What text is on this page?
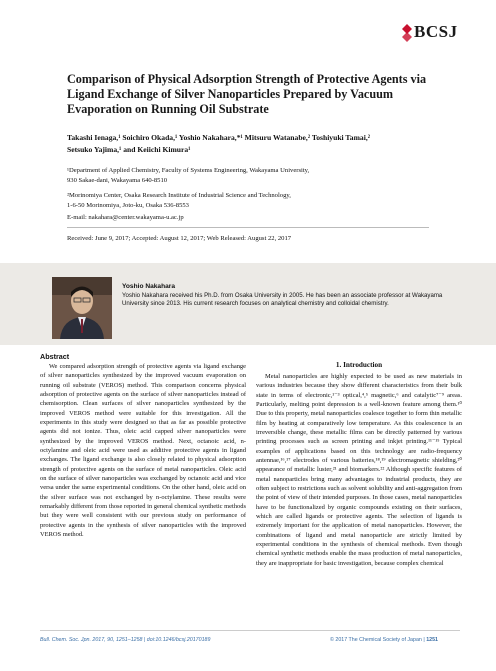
BCSJ
Comparison of Physical Adsorption Strength of Protective Agents via Ligand Exchange of Silver Nanoparticles Prepared by Vacuum Evaporation on Running Oil Substrate
Takashi Ienaga,¹ Soichiro Okada,¹ Yoshio Nakahara,*¹ Mitsuru Watanabe,² Toshiyuki Tamai,²
Setsuko Yajima,¹ and Keiichi Kimura¹
¹Department of Applied Chemistry, Faculty of Systems Engineering, Wakayama University,
930 Sakae-dani, Wakayama 640-8510
²Morinomiya Center, Osaka Research Institute of Industrial Science and Technology,
1-6-50 Morinomiya, Joto-ku, Osaka 536-8553
E-mail: nakahara@center.wakayama-u.ac.jp
Received: June 9, 2017; Accepted: August 12, 2017; Web Released: August 22, 2017
Yoshio Nakahara
Yoshio Nakahara received his Ph.D. from Osaka University in 2005. He has been an associate professor at Wakayama University since 2013. His current research focuses on analytical chemistry and colloidal chemistry.
Abstract

We compared adsorption strength of protective agents via ligand exchange of silver nanoparticles synthesized by the improved vacuum evaporation on running oil substrate (VEROS) method. This comparison concerns physical adsorption of protective agents on the surface of silver nanoparticles instead of chemisorption. Clean surfaces of silver nanoparticles synthesized by the improved VEROS method were suitable for this investigation. All the experiments in this study were designed so that as far as possible protective agents did not ionize. Thus, oleic acid capped silver nanoparticles were synthesized by the improved VEROS method. Next, octanoic acid, n-octylamine and oleic acid were used as additive protective agents in ligand exchanges. The ligand exchange is also closely related to physical adsorption strength of protective agents on the surface of metal nanoparticles. Oleic acid on the surface of silver nanoparticles was exchanged by octanoic acid and vice versa under the same experimental conditions. On the other hand, oleic acid on the silver surface was not exchanged by n-octylamine. These results were remarkably different from those reported in general chemical synthetic methods but they were well consistent with our previous study on performance of protective agents in the synthesis of silver nanoparticles with the improved VEROS method.

1. Introduction

Metal nanoparticles are highly expected to be used as new materials in various industries because they show different characteristics from their bulk state in terms of electronic,¹⁻³ optical,⁴,⁵ magnetic,⁶ and catalytic⁷⁻⁹ areas. Particularly, melting point depression is a well-known feature among them.¹⁰ Due to this property, metal nanoparticles coalesce together to form thin metallic film by heating at comparatively low temperature. As this coalescence is an irreversible change, these metallic films can be directly patterned by various printing processes such as screen printing and inkjet printing.¹¹⁻¹⁵ Typical examples of applications based on this technology are radio-frequency antennae,¹⁶,¹⁷ electrodes of various batteries,¹⁸,¹⁹ electromagnetic shielding,²⁰ appearance of metallic luster,²¹ and biomarkers.²² Although specific features of metal nanoparticles bring many advantages to industrial products, they are often subject to restrictions such as solvent solubility and anti-aggregation from the point of view of their intended purposes. In those cases, metal nanoparticles have to be functionalized by organic compounds existing on their surfaces, which are called ligands or protective agents. The selection of ligands is extremely important for the application of metal nanoparticles. However, the combinations of ligand and metal nanoparticle are strictly limited by experimental conditions in the synthesis of chemical methods. Even though chemical synthetic methods enable the mass production of metal nanoparticles, they are inappropriate for basic investigation, because complex chemical

Bull. Chem. Soc. Jpn. 2017, 90, 1251–1258 | doi:10.1246/bcsj.20170189	© 2017 The Chemical Society of Japan | 1251
